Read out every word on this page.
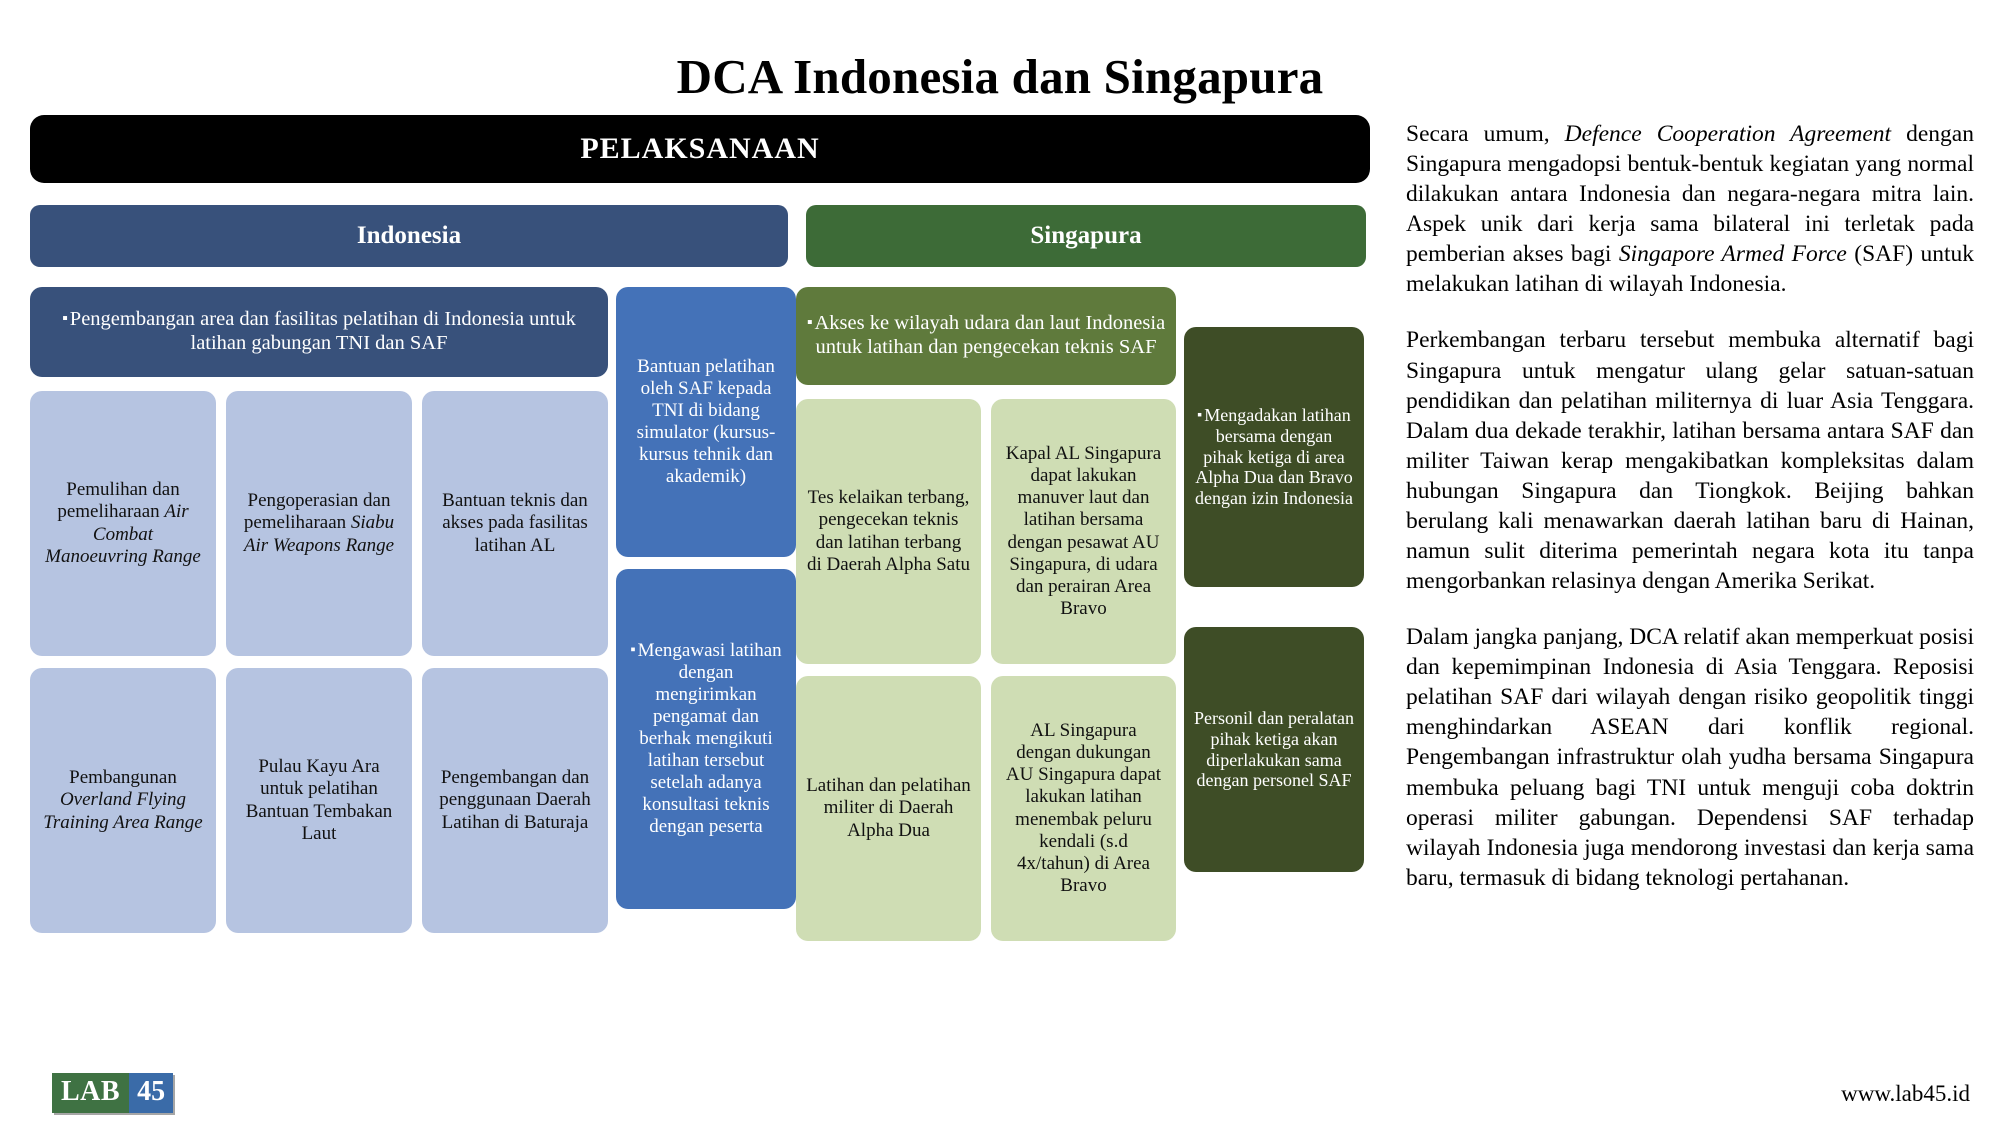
DCA Indonesia dan Singapura
PELAKSANAAN
Indonesia	Singapura
▪Pengembangan area dan fasilitas pelatihan di Indonesia untuk latihan gabungan TNI dan SAF
Pemulihan dan pemeliharaan Air Combat Manoeuvring Range
Pengoperasian dan pemeliharaan Siabu Air Weapons Range
Bantuan teknis dan akses pada fasilitas latihan AL
Pembangunan Overland Flying Training Area Range
Pulau Kayu Ara untuk pelatihan Bantuan Tembakan Laut
Pengembangan dan penggunaan Daerah Latihan di Baturaja
Bantuan pelatihan oleh SAF kepada TNI di bidang simulator (kursus-kursus tehnik dan akademik)
▪ Mengawasi latihan dengan mengirimkan pengamat dan berhak mengikuti latihan tersebut setelah adanya konsultasi teknis dengan peserta
▪Akses ke wilayah udara dan laut Indonesia untuk latihan dan pengecekan teknis SAF
Tes kelaikan terbang, pengecekan teknis dan latihan terbang di Daerah Alpha Satu
Kapal AL Singapura dapat lakukan manuver laut dan latihan bersama dengan pesawat AU Singapura, di udara dan perairan Area Bravo
Latihan dan pelatihan militer di Daerah Alpha Dua
AL Singapura dengan dukungan AU Singapura dapat lakukan latihan menembak peluru kendali (s.d 4x/tahun) di Area Bravo
▪ Mengadakan latihan bersama dengan pihak ketiga di area Alpha Dua dan Bravo dengan izin Indonesia
Personil dan peralatan pihak ketiga akan diperlakukan sama dengan personel SAF

Secara umum, Defence Cooperation Agreement dengan Singapura mengadopsi bentuk-bentuk kegiatan yang normal dilakukan antara Indonesia dan negara-negara mitra lain. Aspek unik dari kerja sama bilateral ini terletak pada pemberian akses bagi Singapore Armed Force (SAF) untuk melakukan latihan di wilayah Indonesia.

Perkembangan terbaru tersebut membuka alternatif bagi Singapura untuk mengatur ulang gelar satuan-satuan pendidikan dan pelatihan militernya di luar Asia Tenggara. Dalam dua dekade terakhir, latihan bersama antara SAF dan militer Taiwan kerap mengakibatkan kompleksitas dalam hubungan Singapura dan Tiongkok. Beijing bahkan berulang kali menawarkan daerah latihan baru di Hainan, namun sulit diterima pemerintah negara kota itu tanpa mengorbankan relasinya dengan Amerika Serikat.

Dalam jangka panjang, DCA relatif akan memperkuat posisi dan kepemimpinan Indonesia di Asia Tenggara. Reposisi pelatihan SAF dari wilayah dengan risiko geopolitik tinggi menghindarkan ASEAN dari konflik regional. Pengembangan infrastruktur olah yudha bersama Singapura membuka peluang bagi TNI untuk menguji coba doktrin operasi militer gabungan. Dependensi SAF terhadap wilayah Indonesia juga mendorong investasi dan kerja sama baru, termasuk di bidang teknologi pertahanan.

LAB 45	www.lab45.id
